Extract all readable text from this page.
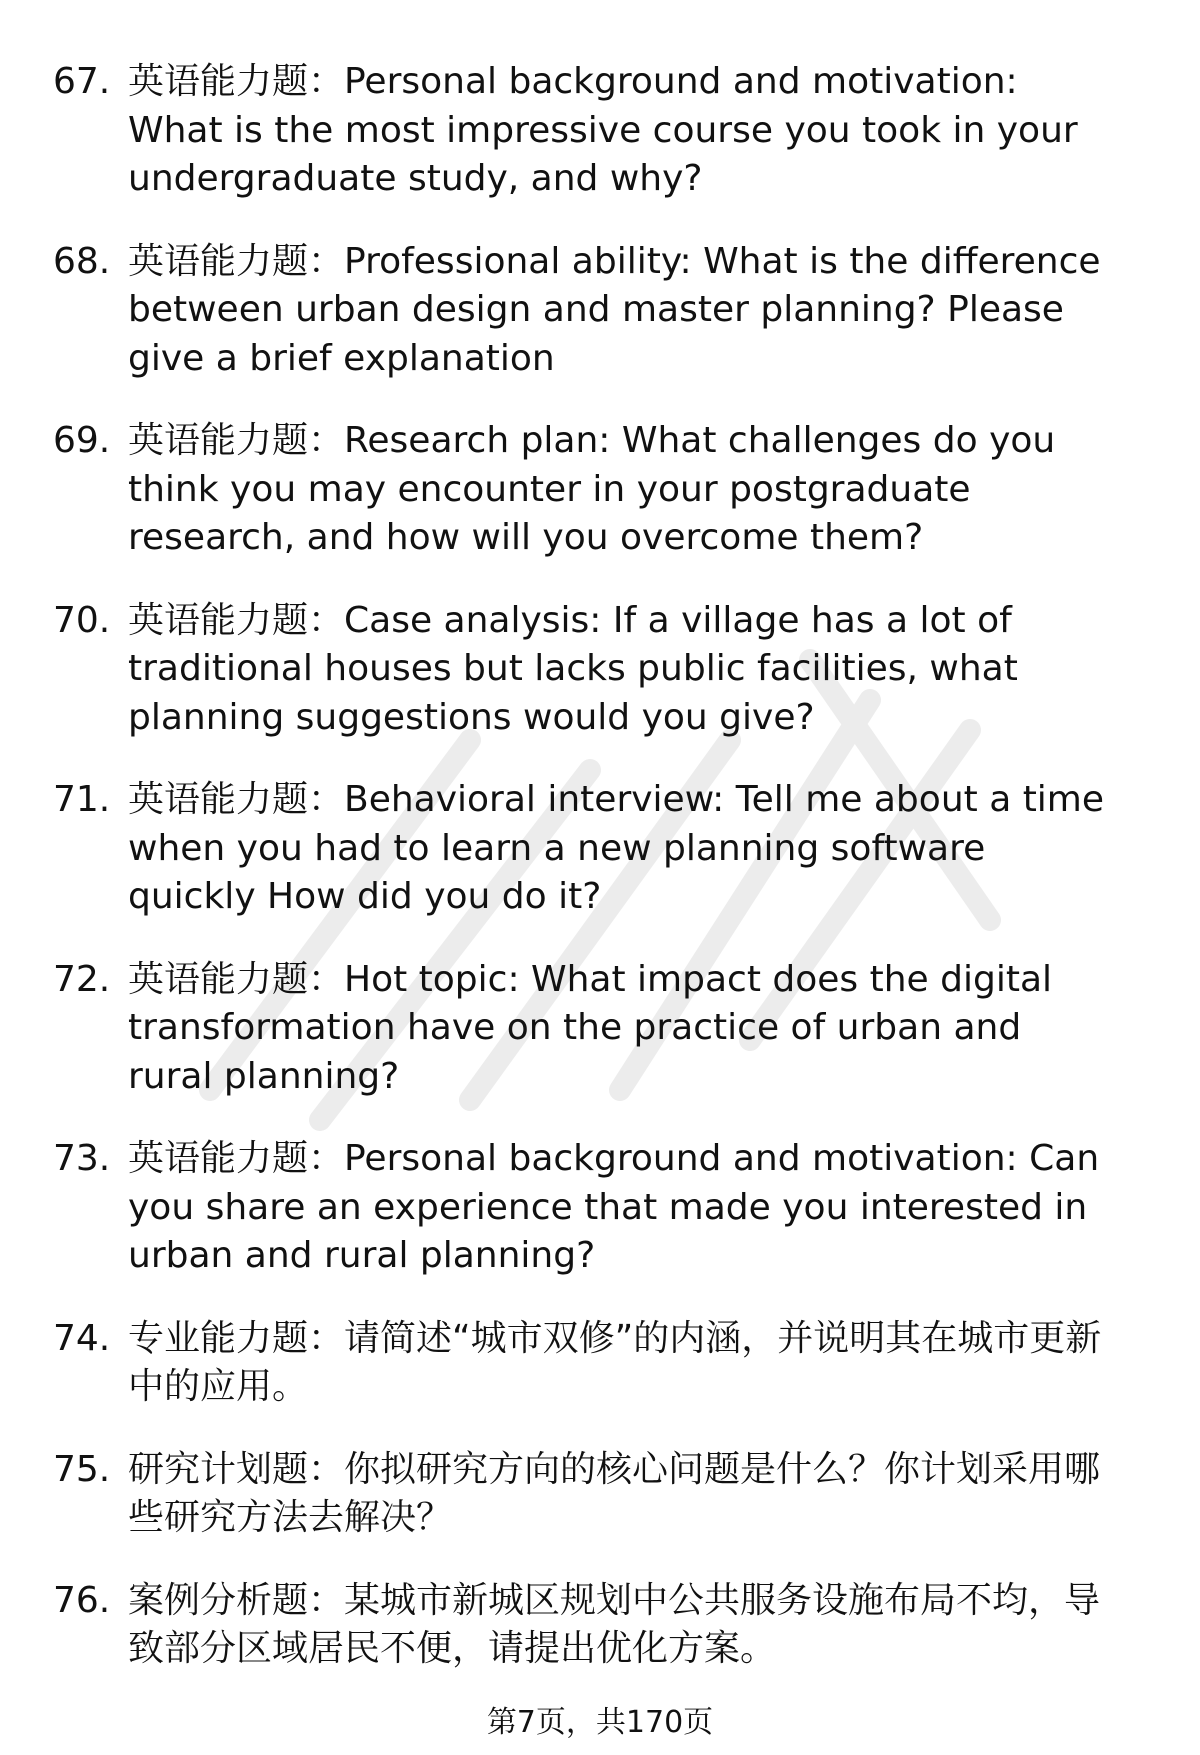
67. 英语能力题：Personal background and motivation: What is the most impressive course you took in your undergraduate study, and why?
68. 英语能力题：Professional ability: What is the difference between urban design and master planning? Please give a brief explanation
69. 英语能力题：Research plan: What challenges do you think you may encounter in your postgraduate research, and how will you overcome them?
70. 英语能力题：Case analysis: If a village has a lot of traditional houses but lacks public facilities, what planning suggestions would you give?
71. 英语能力题：Behavioral interview: Tell me about a time when you had to learn a new planning software quickly How did you do it?
72. 英语能力题：Hot topic: What impact does the digital transformation have on the practice of urban and rural planning?
73. 英语能力题：Personal background and motivation: Can you share an experience that made you interested in urban and rural planning?
74. 专业能力题：请简述“城市双修”的内涵，并说明其在城市更新中的应用。
75. 研究计划题：你拟研究方向的核心问题是什么？你计划采用哪些研究方法去解决？
76. 案例分析题：某城市新城区规划中公共服务设施布局不均，导致部分区域居民不便，请提出优化方案。
第7页，共170页
